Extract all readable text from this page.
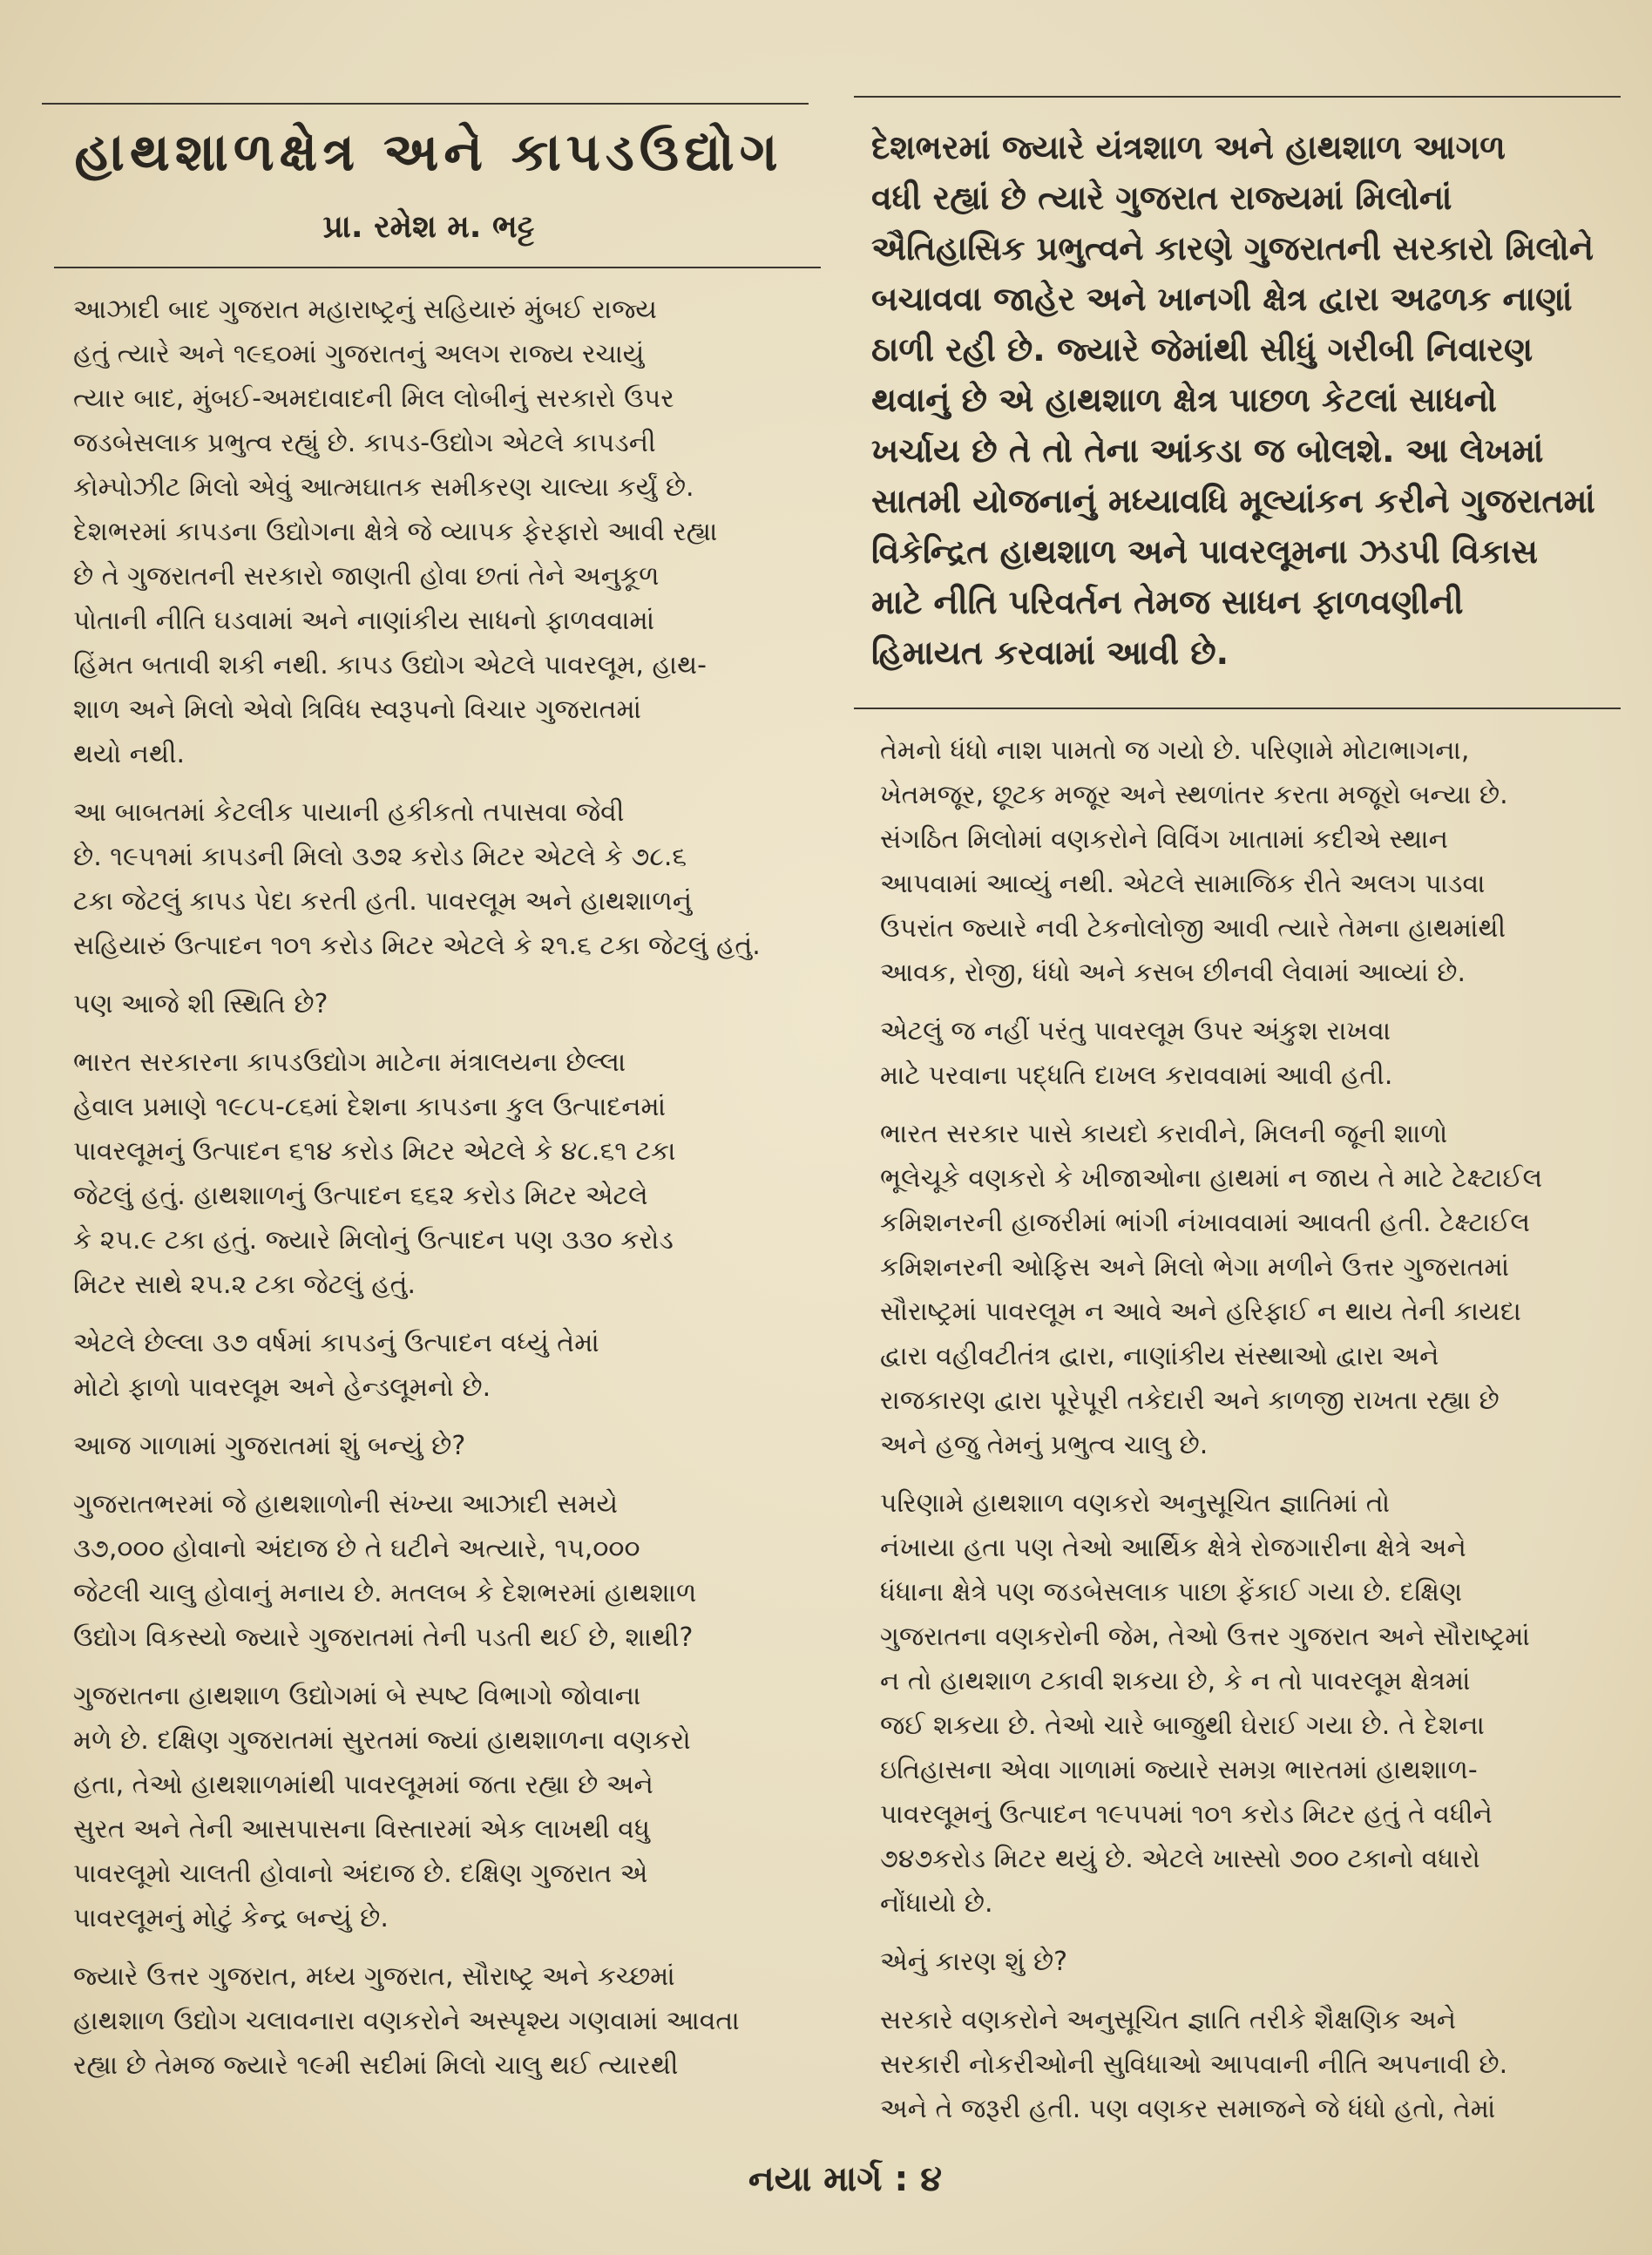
હાથશાળક્ષેત્ર અને કાપડઉદ્યોગ
પ્રા. રમેશ મ. ભટ્ટ

આઝાદી બાદ ગુજરાત મહારાષ્ટ્રનું સહિયારું મુંબઈ રાજ્ય
હતું ત્યારે અને ૧૯૬૦માં ગુજરાતનું અલગ રાજ્ય રચાયું
ત્યાર બાદ, મુંબઈ-અમદાવાદની મિલ લોબીનું સરકારો ઉપર
જડબેસલાક પ્રભુત્વ રહ્યું છે. કાપડ-ઉદ્યોગ એટલે કાપડની
કોમ્પોઝીટ મિલો એવું આત્મઘાતક સમીકરણ ચાલ્યા કર્યું છે.
દેશભરમાં કાપડના ઉદ્યોગના ક્ષેત્રે જે વ્યાપક ફેરફારો આવી રહ્યા
છે તે ગુજરાતની સરકારો જાણતી હોવા છતાં તેને અનુકૂળ
પોતાની નીતિ ઘડવામાં અને નાણાંકીય સાધનો ફાળવવામાં
હિંમત બતાવી શકી નથી. કાપડ ઉદ્યોગ એટલે પાવરલૂમ, હાથ-
શાળ અને મિલો એવો ત્રિવિધ સ્વરૂપનો વિચાર ગુજરાતમાં
થયો નથી.

આ બાબતમાં કેટલીક પાયાની હકીકતો તપાસવા જેવી
છે. ૧૯૫૧માં કાપડની મિલો ૩૭૨ કરોડ મિટર એટલે કે ૭૮.૬
ટકા જેટલું કાપડ પેદા કરતી હતી. પાવરલૂમ અને હાથશાળનું
સહિયારું ઉત્પાદન ૧૦૧ કરોડ મિટર એટલે કે ૨૧.૬ ટકા જેટલું હતું.

પણ આજે શી સ્થિતિ છે?

ભારત સરકારના કાપડઉદ્યોગ માટેના મંત્રાલયના છેલ્લા
હેવાલ પ્રમાણે ૧૯૮૫-૮૬માં દેશના કાપડના કુલ ઉત્પાદનમાં
પાવરલૂમનું ઉત્પાદન ૬૧૪ કરોડ મિટર એટલે કે ૪૮.૬૧ ટકા
જેટલું હતું. હાથશાળનું ઉત્પાદન ૬૬૨ કરોડ મિટર એટલે
કે ૨૫.૯ ટકા હતું. જ્યારે મિલોનું ઉત્પાદન પણ ૩૩૦ કરોડ
મિટર સાથે ૨૫.૨ ટકા જેટલું હતું.

એટલે છેલ્લા ૩૭ વર્ષમાં કાપડનું ઉત્પાદન વધ્યું તેમાં
મોટો ફાળો પાવરલૂમ અને હેન્ડલૂમનો છે.

આજ ગાળામાં ગુજરાતમાં શું બન્યું છે?

ગુજરાતભરમાં જે હાથશાળોની સંખ્યા આઝાદી સમયે
૩૭,૦૦૦ હોવાનો અંદાજ છે તે ઘટીને અત્યારે, ૧૫,૦૦૦
જેટલી ચાલુ હોવાનું મનાય છે. મતલબ કે દેશભરમાં હાથશાળ
ઉદ્યોગ વિકસ્યો જ્યારે ગુજરાતમાં તેની પડતી થઈ છે, શાથી?

ગુજરાતના હાથશાળ ઉદ્યોગમાં બે સ્પષ્ટ વિભાગો જોવાના
મળે છે. દક્ષિણ ગુજરાતમાં સુરતમાં જ્યાં હાથશાળના વણકરો
હતા, તેઓ હાથશાળમાંથી પાવરલૂમમાં જતા રહ્યા છે અને
સુરત અને તેની આસપાસના વિસ્તારમાં એક લાખથી વધુ
પાવરલૂમો ચાલતી હોવાનો અંદાજ છે. દક્ષિણ ગુજરાત એ
પાવરલૂમનું મોટું કેન્દ્ર બન્યું છે.

જ્યારે ઉત્તર ગુજરાત, મધ્ય ગુજરાત, સૌરાષ્ટ્ર અને કચ્છમાં
હાથશાળ ઉદ્યોગ ચલાવનારા વણકરોને અસ્પૃશ્ય ગણવામાં આવતા
રહ્યા છે તેમજ જ્યારે ૧૯મી સદીમાં મિલો ચાલુ થઈ ત્યારથી

દેશભરમાં જ્યારે યંત્રશાળ અને હાથશાળ આગળ
વધી રહ્યાં છે ત્યારે ગુજરાત રાજ્યમાં મિલોનાં
ઐતિહાસિક પ્રભુત્વને કારણે ગુજરાતની સરકારો મિલોને
બચાવવા જાહેર અને ખાનગી ક્ષેત્ર દ્વારા અઢળક નાણાં
ઠાળી રહી છે. જ્યારે જેમાંથી સીધું ગરીબી નિવારણ
થવાનું છે એ હાથશાળ ક્ષેત્ર પાછળ કેટલાં સાધનો
ખર્ચાય છે તે તો તેના આંકડા જ બોલશે. આ લેખમાં
સાતમી યોજનાનું મધ્યાવધિ મૂલ્યાંકન કરીને ગુજરાતમાં
વિકેન્દ્રિત હાથશાળ અને પાવરલૂમના ઝડપી વિકાસ
માટે નીતિ પરિવર્તન તેમજ સાધન ફાળવણીની
હિમાયત કરવામાં આવી છે.

તેમનો ધંધો નાશ પામતો જ ગયો છે. પરિણામે મોટાભાગના,
ખેતમજૂર, છૂટક મજૂર અને સ્થળાંતર કરતા મજૂરો બન્યા છે.
સંગઠિત મિલોમાં વણકરોને વિવિંગ ખાતામાં કદીએ સ્થાન
આપવામાં આવ્યું નથી. એટલે સામાજિક રીતે અલગ પાડવા
ઉપરાંત જ્યારે નવી ટેકનોલોજી આવી ત્યારે તેમના હાથમાંથી
આવક, રોજી, ધંધો અને કસબ છીનવી લેવામાં આવ્યાં છે.

એટલું જ નહીં પરંતુ પાવરલૂમ ઉપર અંકુશ રાખવા
માટે પરવાના પદ્ધતિ દાખલ કરાવવામાં આવી હતી.

ભારત સરકાર પાસે કાયદો કરાવીને, મિલની જૂની શાળો
ભૂલેચૂકે વણકરો કે ખીજાઓના હાથમાં ન જાય તે માટે ટેક્ષ્ટાઈલ
કમિશનરની હાજરીમાં ભાંગી નંખાવવામાં આવતી હતી. ટેક્ષ્ટાઈલ
કમિશનરની ઓફિસ અને મિલો ભેગા મળીને ઉત્તર ગુજરાતમાં
સૌરાષ્ટ્રમાં પાવરલૂમ ન આવે અને હરિફાઈ ન થાય તેની કાયદા
દ્વારા વહીવટીતંત્ર દ્વારા, નાણાંકીય સંસ્થાઓ દ્વારા અને
રાજકારણ દ્વારા પૂરેપૂરી તકેદારી અને કાળજી રાખતા રહ્યા છે
અને હજુ તેમનું પ્રભુત્વ ચાલુ છે.

પરિણામે હાથશાળ વણકરો અનુસૂચિત જ્ઞાતિમાં તો
નંખાયા હતા પણ તેઓ આર્થિક ક્ષેત્રે રોજગારીના ક્ષેત્રે અને
ધંધાના ક્ષેત્રે પણ જડબેસલાક પાછા ફેંકાઈ ગયા છે. દક્ષિણ
ગુજરાતના વણકરોની જેમ, તેઓ ઉત્તર ગુજરાત અને સૌરાષ્ટ્રમાં
ન તો હાથશાળ ટકાવી શકયા છે, કે ન તો પાવરલૂમ ક્ષેત્રમાં
જઈ શકયા છે. તેઓ ચારે બાજુથી ઘેરાઈ ગયા છે. તે દેશના
ઇતિહાસના એવા ગાળામાં જ્યારે સમગ્ર ભારતમાં હાથશાળ-
પાવરલૂમનું ઉત્પાદન ૧૯૫૫માં ૧૦૧ કરોડ મિટર હતું તે વધીને
૭૪૭કરોડ મિટર થયું છે. એટલે ખાસ્સો ૭૦૦ ટકાનો વધારો
નોંધાયો છે.

એનું કારણ શું છે?

સરકારે વણકરોને અનુસૂચિત જ્ઞાતિ તરીકે શૈક્ષણિક અને
સરકારી નોકરીઓની સુવિધાઓ આપવાની નીતિ અપનાવી છે.
અને તે જરૂરી હતી. પણ વણકર સમાજને જે ધંધો હતો, તેમાં

નયા માર્ગ : ૪
